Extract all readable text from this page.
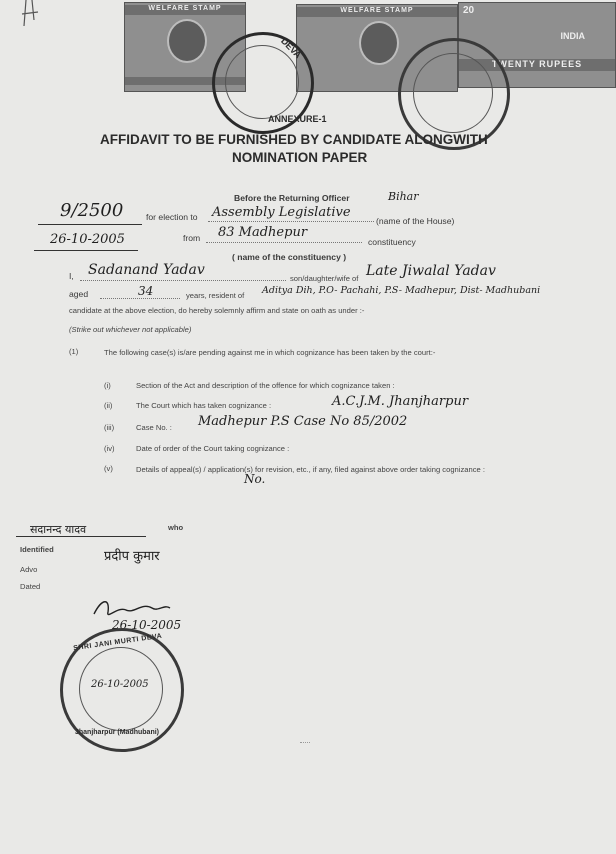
WELFARE STAMP	WELFARE STAMP	20
INDIA
TWENTY RUPEES
DEVA
ANNEXURE-1
AFFIDAVIT TO BE FURNISHED BY CANDIDATE ALONGWITH
NOMINATION PAPER
Before the Returning Officer	Bihar
9/2500	for election to Assembly Legislative
(name of the House)
26-10-2005	from 83 Madhepur
constituency
( name of the constituency )
I, Sadanand Yadav
son/daughter/wife of Late Jiwalal Yadav
aged	34	years, resident of Aditya Dih, P.O- Pachahi, P.S- Madhepur, Dist- Madhubani
candidate at the above election, do hereby solemnly affirm and state on oath as under :-
(Strike out whichever not applicable)
(1)	The following case(s) is/are pending against me in which cognizance has been taken by the court:-
(i)	Section of the Act and description of the offence for which cognizance taken :
(ii)	The Court which has taken cognizance :	A.C.J.M. Jhanjharpur
(iii)	Case No. : Madhepur P.S Case No 85/2002
(iv)	Date of order of the Court taking cognizance :
(v)	Details of appeal(s) / application(s) for revision, etc., if any, filed against above order taking cognizance :
No.
सदानन्द यादव	who
Identified	प्रदीप कुमार
Advo
Dated
26-10-2005
SHRI JANI MURTI DEVA
26-10-2005
Jhanjharpur (Madhubani)
